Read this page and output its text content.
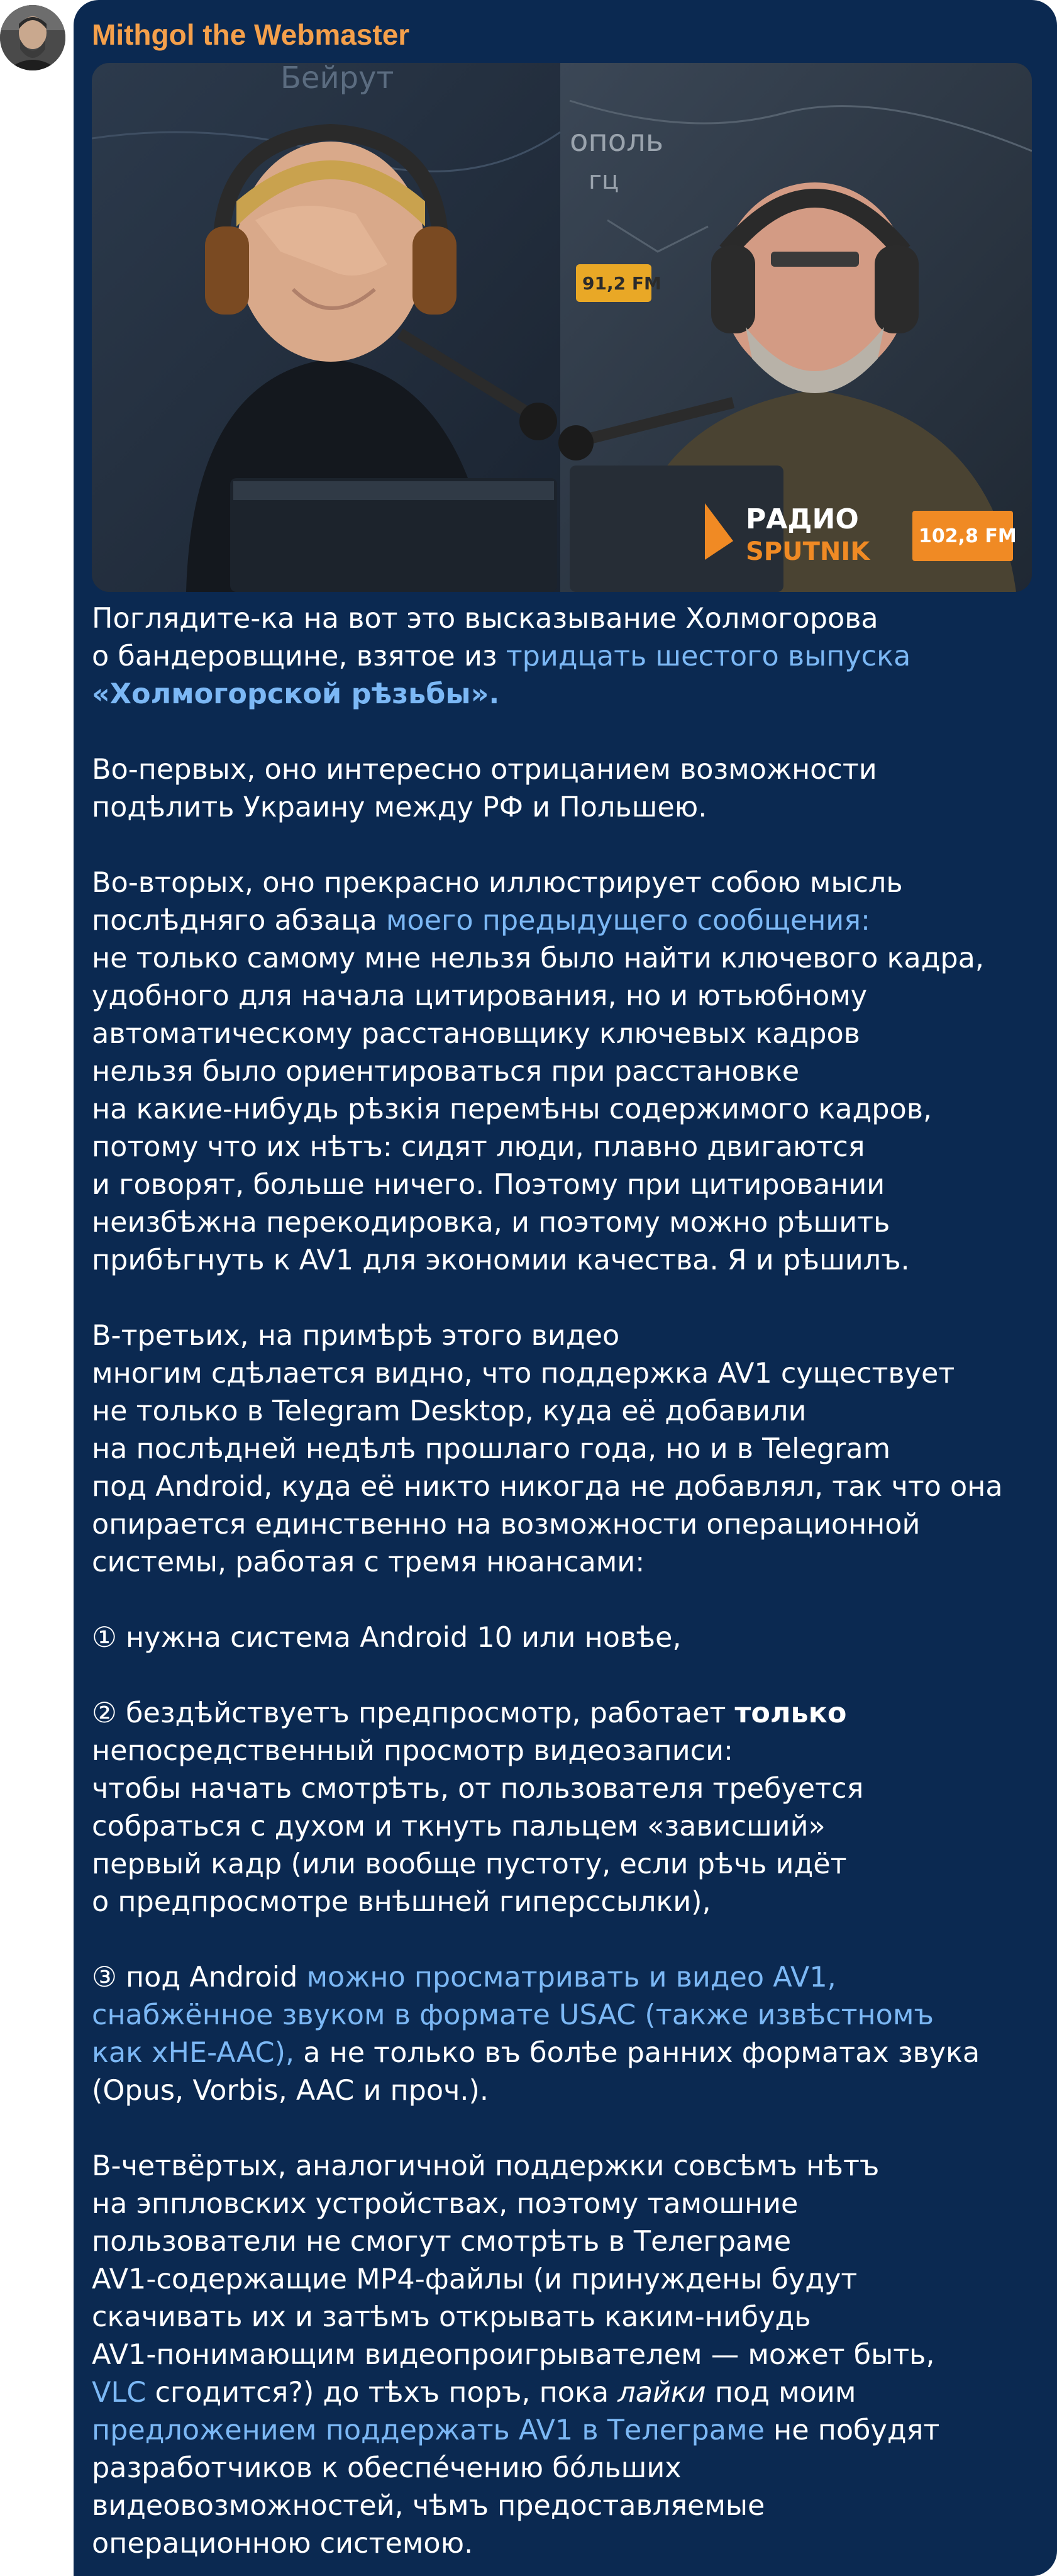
Mithgol the Webmaster
Бейрут
ополь
гц
91,2 FM
РАДИО
SPUTNIK
102,8 FM
Поглядите-ка на вот это высказывание Холмогорова
о бандеровщине, взятое из тридцать шестого выпуска
«Холмогорской рѣзьбы».
Во-первых, оно интересно отрицанием возможности
подѣлить Украину между РФ и Польшею.
Во-вторых, оно прекрасно иллюстрирует собою мысль
послѣдняго абзаца моего предыдущего сообщения:
не только самому мне нельзя было найти ключевого кадра,
удобного для начала цитирования, но и ютьюбному
автоматическому расстановщику ключевых кадров
нельзя было ориентироваться при расстановке
на какие-нибудь рѣзкія перемѣны содержимого кадров,
потому что их нѣтъ: сидят люди, плавно двигаются
и говорят, больше ничего. Поэтому при цитировании
неизбѣжна перекодировка, и поэтому можно рѣшить
прибѣгнуть к AV1 для экономии качества. Я и рѣшилъ.
В-третьих, на примѣрѣ этого видео
многим сдѣлается видно, что поддержка AV1 существует
не только в Telegram Desktop, куда её добавили
на послѣдней недѣлѣ прошлаго года, но и в Telegram
под Android, куда её никто никогда не добавлял, так что она
опирается единственно на возможности операционной
системы, работая с тремя нюансами:
① нужна система Android 10 или новѣе,
② бездѣйствуетъ предпросмотр, работает только
непосредственный просмотр видеозаписи:
чтобы начать смотрѣть, от пользователя требуется
собраться с духом и ткнуть пальцем «зависший»
первый кадр (или вообще пустоту, если рѣчь идёт
о предпросмотре внѣшней гиперссылки),
③ под Android можно просматривать и видео AV1,
снабжённое звуком в формате USAC (также извѣстномъ
как xHE-AAC), а не только въ болѣе ранних форматах звука
(Opus, Vorbis, AAC и проч.).
В-четвёртых, аналогичной поддержки совсѣмъ нѣтъ
на эппловских устройствах, поэтому тамошние
пользователи не смогут смотрѣть в Телеграме
AV1-содержащие MP4-файлы (и принуждены будут
скачивать их и затѣмъ открывать каким-нибудь
AV1-понимающим видеопроигрывателем — может быть,
VLC сгодится?) до тѣхъ поръ, пока лайки под моим
предложением поддержать AV1 в Телеграме не побудят
разработчиков к обеспе́чению бо́льших
видеовозможностей, чѣмъ предоставляемые
операционною системою.
